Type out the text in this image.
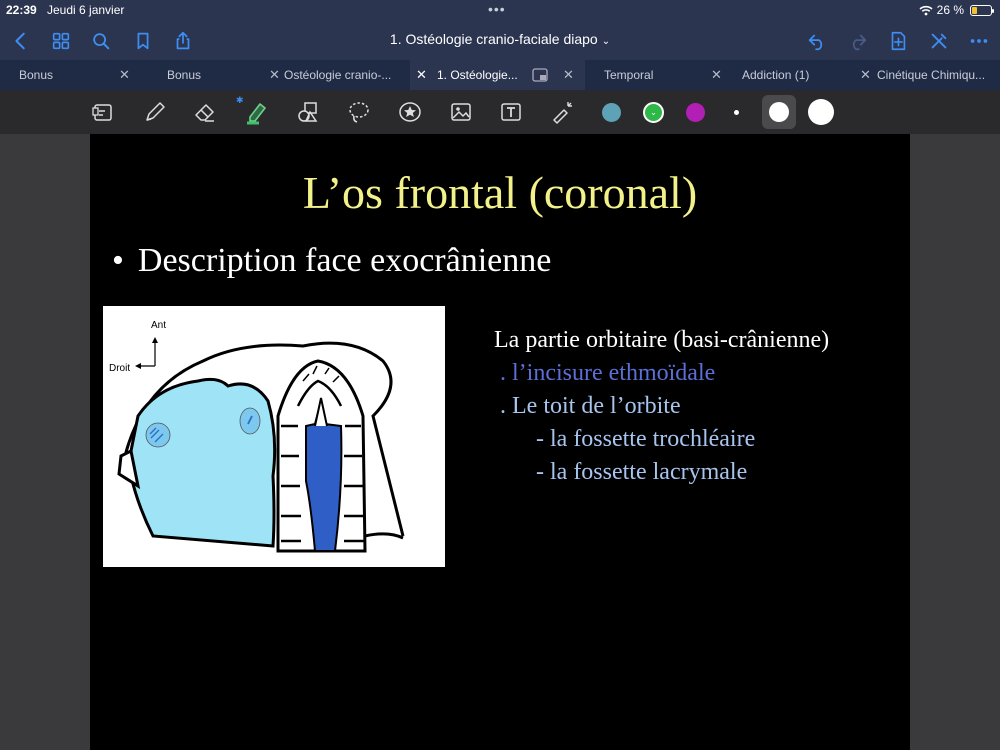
22:39 Jeudi 6 janvier	•••	26 %
1. Ostéologie cranio-faciale diapo ⌄
Bonus	✕	Bonus	✕ Ostéologie cranio-... ✕ 1. Ostéologie...	✕	Temporal	✕ Addiction (1)	✕ Cinétique Chimiqu...
⌄
✱
L’os frontal (coronal)
• Description face exocrânienne
Ant
Droit
La partie orbitaire (basi-crânienne)
. l’incisure ethmoïdale
. Le toit de l’orbite
- la fossette trochléaire
- la fossette lacrymale
